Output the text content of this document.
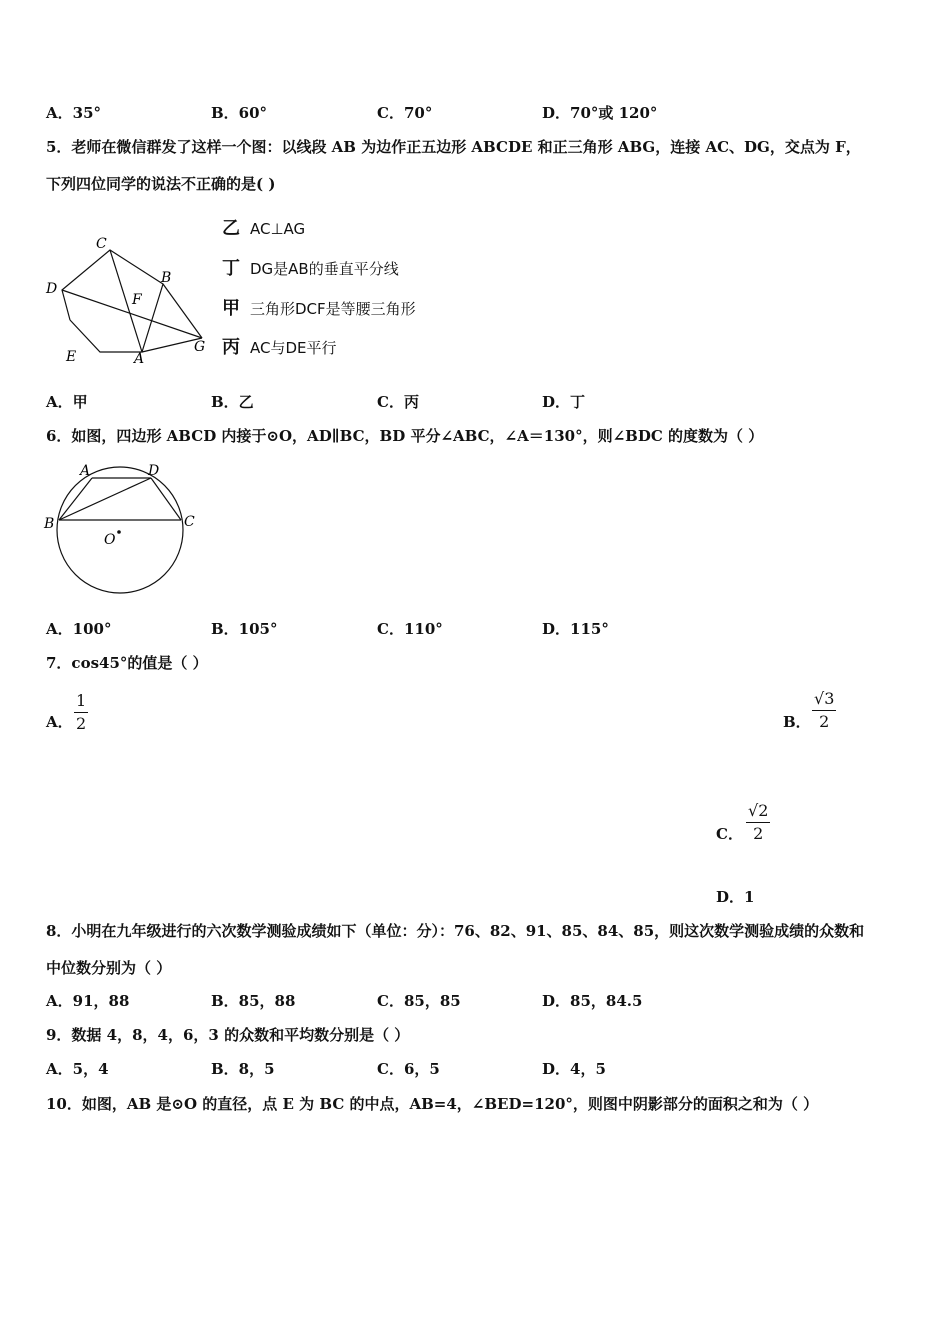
A．35°	B．60°	C．70°	D．70°或 120°
5．老师在微信群发了这样一个图：以线段 AB 为边作正五边形 ABCDE 和正三角形 ABG，连接 AC、DG，交点为 F，
下列四位同学的说法不正确的是( )
C
B
D
F
E	A
G
乙 AC⊥AG
丁 DG是AB的垂直平分线
甲 三角形DCF是等腰三角形
丙 AC与DE平行
A．甲	B．乙	C．丙	D．丁
6．如图，四边形 ABCD 内接于⊙O，AD∥BC，BD 平分∠ABC，∠A＝130°，则∠BDC 的度数为（ ）
A	D
B	C
O
A．100°	B．105°	C．110°	D．115°
7．cos45°的值是（ ）
A． $\frac{1}{2}$	B． $\frac{√3}{2}$
C． $\frac{√2}{2}$
D．1
8．小明在九年级进行的六次数学测验成绩如下（单位：分）：76、82、91、85、84、85，则这次数学测验成绩的众数和
中位数分别为（ ）
A．91，88	B．85，88	C．85，85	D．85，84.5
9．数据 4，8，4，6，3 的众数和平均数分别是（ ）
A．5，4	B．8，5	C．6，5	D．4，5
10．如图，AB 是⊙O 的直径，点 E 为 BC 的中点，AB=4，∠BED=120°，则图中阴影部分的面积之和为（ ）
